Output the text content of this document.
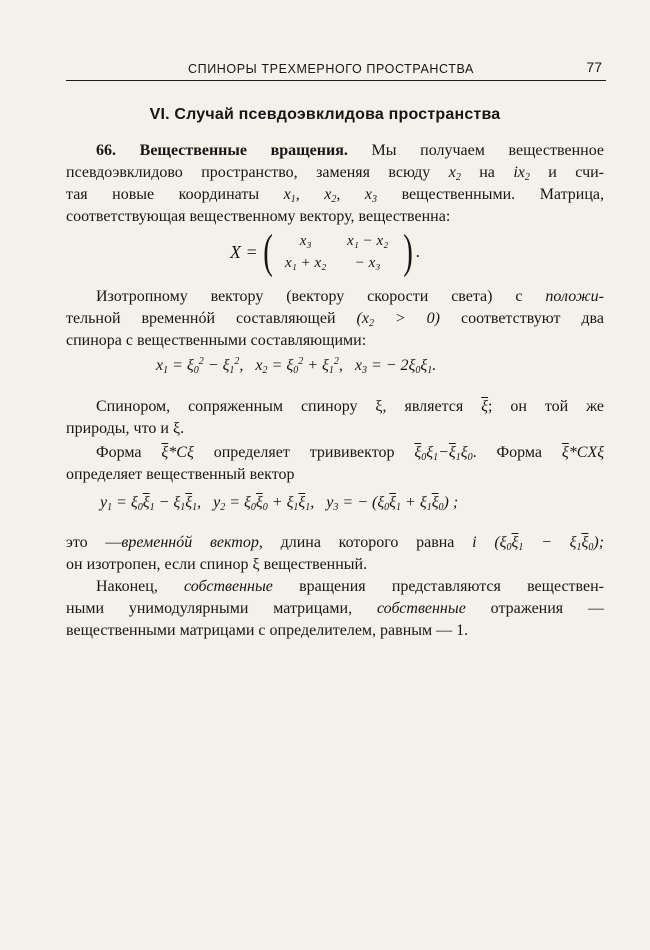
СПИНОРЫ ТРЕХМЕРНОГО ПРОСТРАНСТВА	77
VI. Случай псевдоэвклидова пространства
66. Вещественные вращения. Мы получаем вещественное
псевдоэвклидово пространство, заменяя всюду $x_2$ на $ix_2$ и счи-
тая новые координаты $x_1$, $x_2$, $x_3$ вещественными. Матрица,
соответствующая вещественному вектору, вещественна:
X = (	x₃	x₁ − x₂
x₁ + x₂	− x₃ ) .
Изотропному вектору (вектору скорости света) с положи-
тельной временнóй составляющей $(x_2 > 0)$ соответствуют два
спинора с вещественными составляющими:
$x_1 = \xi_0^2 - \xi_1^2$,   $x_2 = \xi_0^2 + \xi_1^2$,   $x_3$ = − $2\xi_0\xi_1$.
Спинором, сопряженным спинору ξ, является $\overline{\xi}$; он той же
природы, что и ξ.
Форма $\overline{\xi}*C\xi$ определяет трививектор $\overline{\xi}_0\xi_1-\overline{\xi}_1\xi_0$. Форма $\overline{\xi}*CX\xi$
определяет вещественный вектор
$y_1 = \xi_0\overline{\xi}_1 - \xi_1\overline{\xi}_1$,   $y_2 = \xi_0\overline{\xi}_0 + \xi_1\overline{\xi}_1$,   $y_3$ = − $(\xi_0\overline{\xi}_1 + \xi_1\overline{\xi}_0)$ ;
это —временнóй вектор, длина которого равна i $(\xi_0\overline{\xi}_1 - \xi_1\overline{\xi}_0)$;
он изотропен, если спинор ξ вещественный.
Наконец, собственные вращения представляются веществен-
ными унимодулярными матрицами, собственные отражения —
вещественными матрицами с определителем, равным — 1.
